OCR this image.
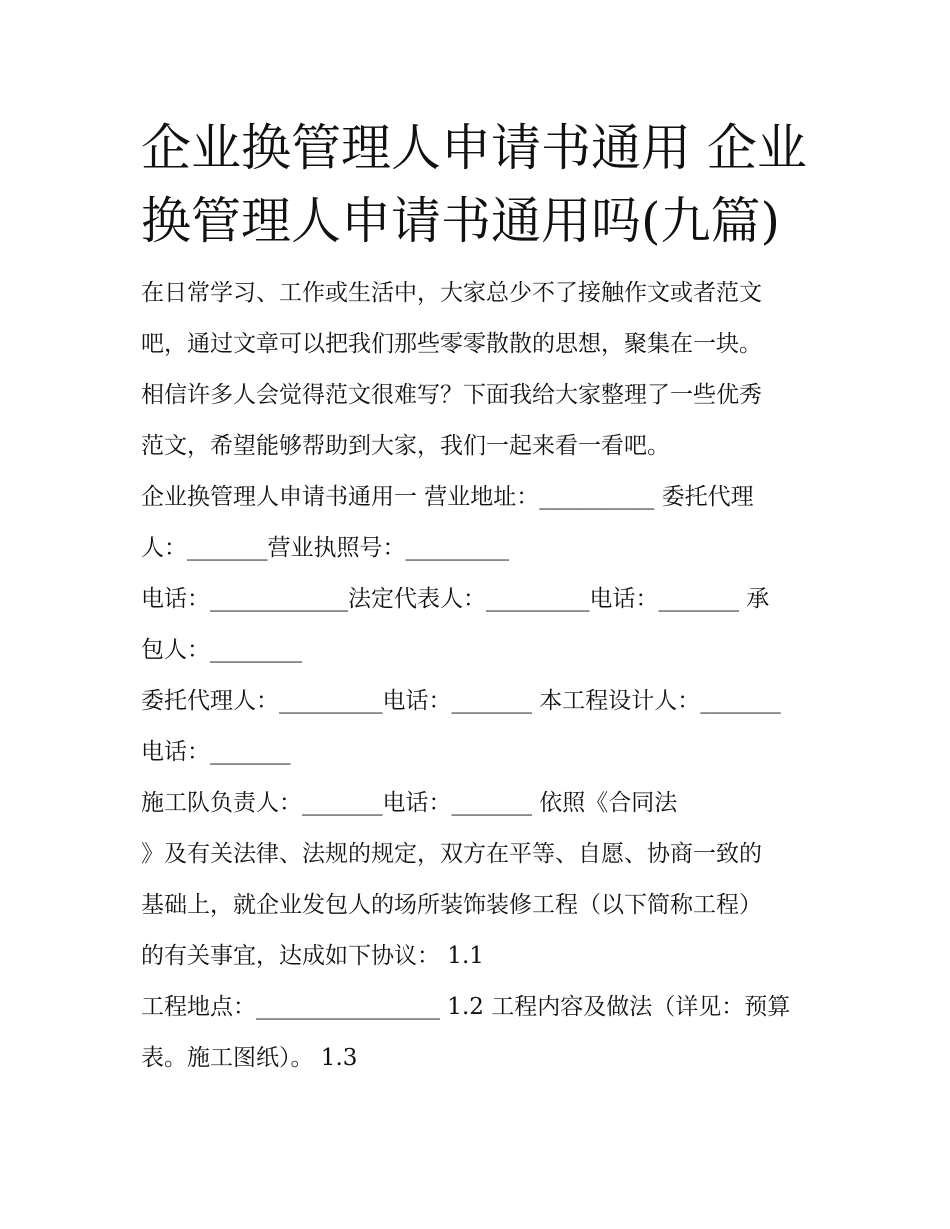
企业换管理人申请书通用 企业
换管理人申请书通用吗(九篇)
在日常学习、工作或生活中，大家总少不了接触作文或者范文
吧，通过文章可以把我们那些零零散散的思想，聚集在一块。
相信许多人会觉得范文很难写？下面我给大家整理了一些优秀
范文，希望能够帮助到大家，我们一起来看一看吧。
企业换管理人申请书通用一 营业地址：__________ 委托代理
人：_______营业执照号：_________
电话：____________法定代表人：_________电话：_______ 承
包人：________
委托代理人：_________电话：_______ 本工程设计人：_______
电话：_______
施工队负责人：_______电话：_______ 依照《合同法
》及有关法律、法规的规定，双方在平等、自愿、协商一致的
基础上，就企业发包人的场所装饰装修工程（以下简称工程）
的有关事宜，达成如下协议： 1.1
工程地点：________________ 1.2 工程内容及做法（详见：预算
表。施工图纸）。 1.3
